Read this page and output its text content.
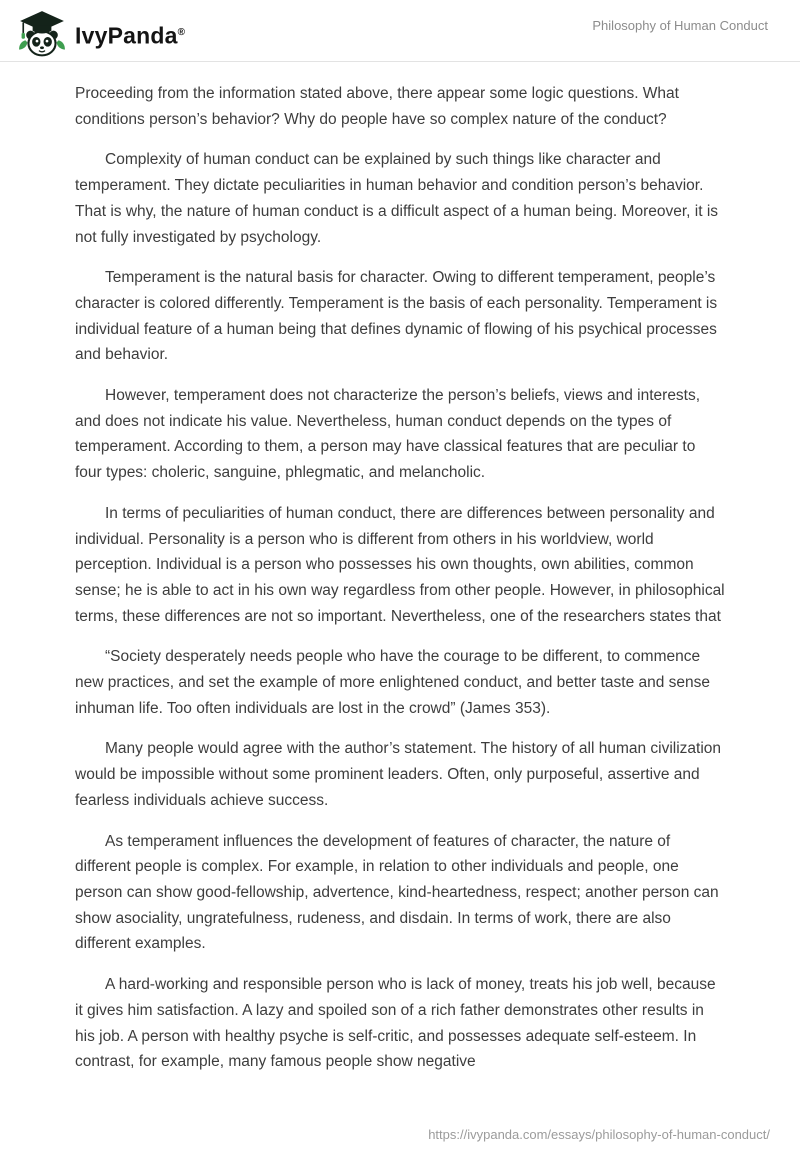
IvyPanda®	Philosophy of Human Conduct

Proceeding from the information stated above, there appear some logic questions. What conditions person’s behavior? Why do people have so complex nature of the conduct?

Complexity of human conduct can be explained by such things like character and temperament. They dictate peculiarities in human behavior and condition person’s behavior. That is why, the nature of human conduct is a difficult aspect of a human being. Moreover, it is not fully investigated by psychology.

Temperament is the natural basis for character. Owing to different temperament, people’s character is colored differently. Temperament is the basis of each personality. Temperament is individual feature of a human being that defines dynamic of flowing of his psychical processes and behavior.

However, temperament does not characterize the person’s beliefs, views and interests, and does not indicate his value. Nevertheless, human conduct depends on the types of temperament. According to them, a person may have classical features that are peculiar to four types: choleric, sanguine, phlegmatic, and melancholic.

In terms of peculiarities of human conduct, there are differences between personality and individual. Personality is a person who is different from others in his worldview, world perception. Individual is a person who possesses his own thoughts, own abilities, common sense; he is able to act in his own way regardless from other people. However, in philosophical terms, these differences are not so important. Nevertheless, one of the researchers states that

“Society desperately needs people who have the courage to be different, to commence new practices, and set the example of more enlightened conduct, and better taste and sense inhuman life. Too often individuals are lost in the crowd” (James 353).

Many people would agree with the author’s statement. The history of all human civilization would be impossible without some prominent leaders. Often, only purposeful, assertive and fearless individuals achieve success.

As temperament influences the development of features of character, the nature of different people is complex. For example, in relation to other individuals and people, one person can show good-fellowship, advertence, kind-heartedness, respect; another person can show asociality, ungratefulness, rudeness, and disdain. In terms of work, there are also different examples.

A hard-working and responsible person who is lack of money, treats his job well, because it gives him satisfaction. A lazy and spoiled son of a rich father demonstrates other results in his job. A person with healthy psyche is self-critic, and possesses adequate self-esteem. In contrast, for example, many famous people show negative

https://ivypanda.com/essays/philosophy-of-human-conduct/
